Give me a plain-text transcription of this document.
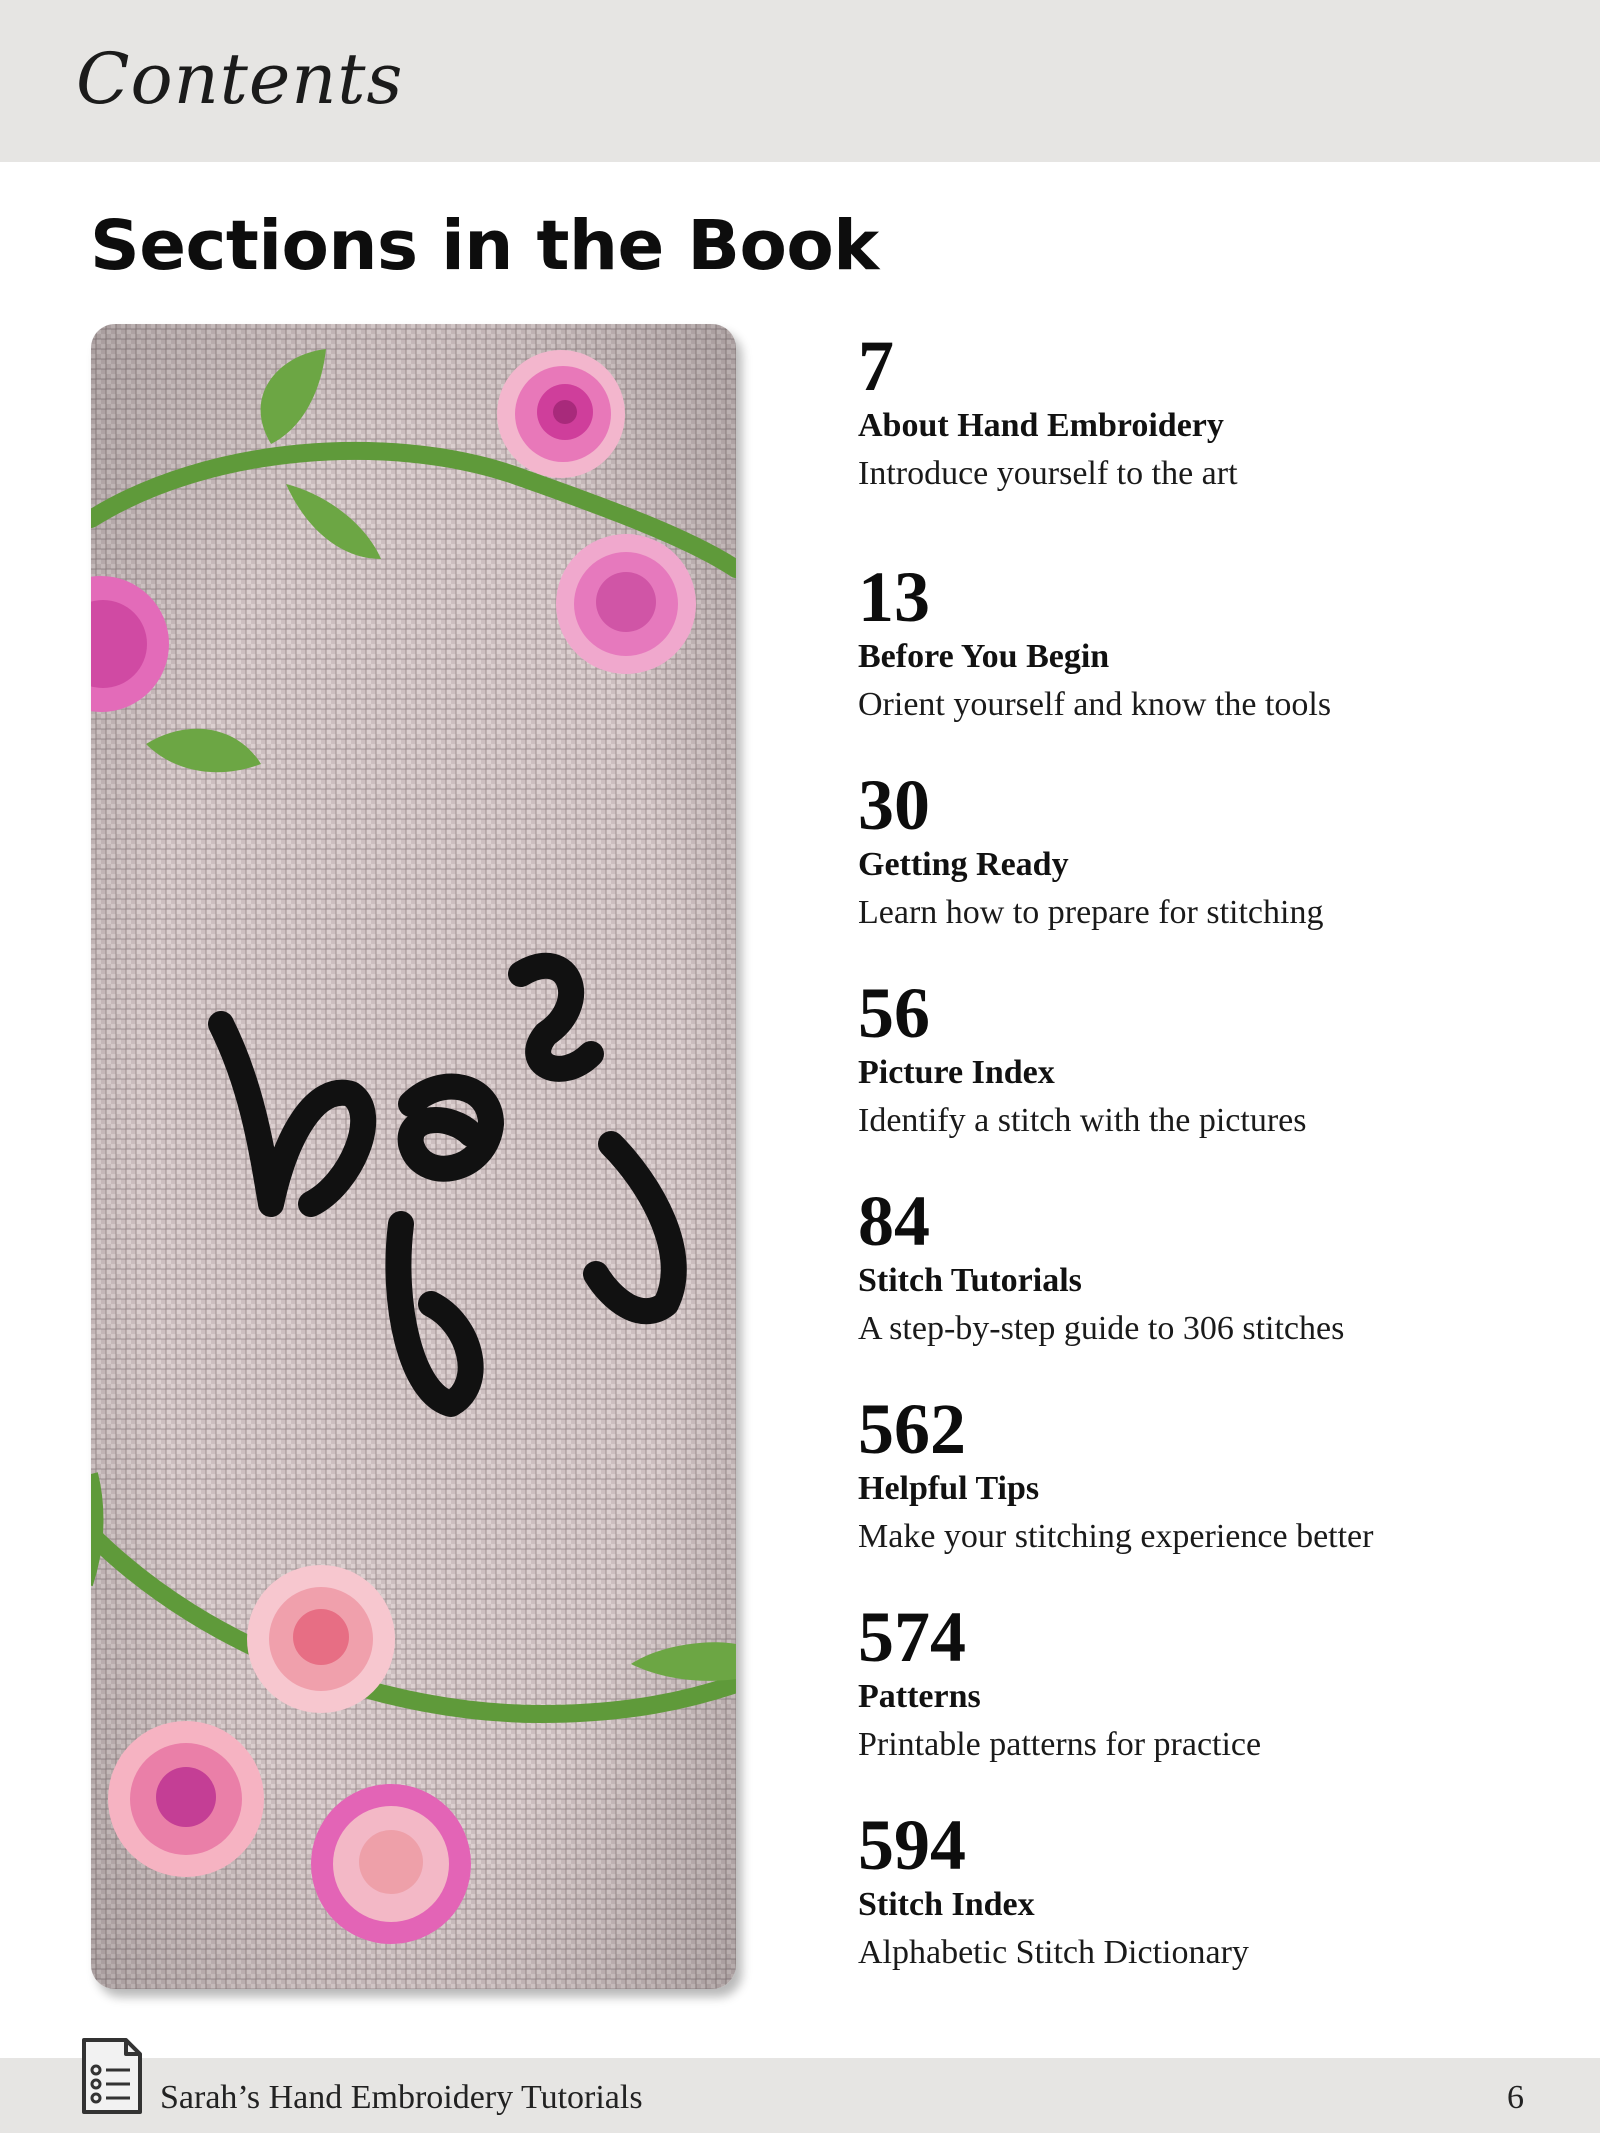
Contents
Sections in the Book
7
About Hand Embroidery
Introduce yourself to the art
13
Before You Begin
Orient yourself and know the tools
30
Getting Ready
Learn how to prepare for stitching
56
Picture Index
Identify a stitch with the pictures
84
Stitch Tutorials
A step-by-step guide to 306 stitches
562
Helpful Tips
Make your stitching experience better
574
Patterns
Printable patterns for practice
594
Stitch Index
Alphabetic Stitch Dictionary
Sarah’s Hand Embroidery Tutorials	6
